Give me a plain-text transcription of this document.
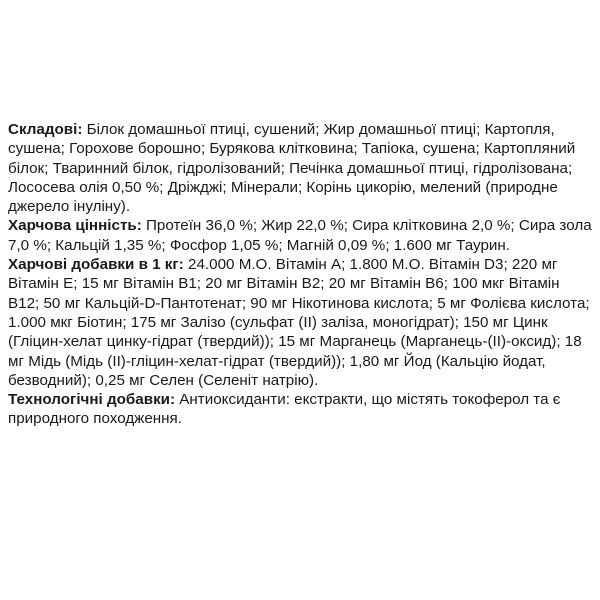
Складові: Білок домашньої птиці, сушений; Жир домашньої птиці; Картопля, сушена; Горохове борошно; Бурякова клітковина; Тапіока, сушена; Картопляний білок; Тваринний білок, гідролізований; Печінка домашньої птиці, гідролізована; Лососева олія 0,50 %; Дріжджі; Мінерали; Корінь цикорію, мелений (природне джерело інуліну).

Харчова цінність: Протеїн 36,0 %; Жир 22,0 %; Сира клітковина 2,0 %; Сира зола 7,0 %; Кальцій 1,35 %; Фосфор 1,05 %; Магній 0,09 %; 1.600 мг Таурин.

Харчові добавки в 1 кг: 24.000 М.О. Вітамін A; 1.800 М.О. Вітамін D3; 220 мг Вітамін E; 15 мг Вітамін B1; 20 мг Вітамін B2; 20 мг Вітамін B6; 100 мкг Вітамін B12; 50 мг Кальцій-D-Пантотенат; 90 мг Нікотинова кислота; 5 мг Фолієва кислота; 1.000 мкг Біотин; 175 мг Залізо (сульфат (II) заліза, моногідрат); 150 мг Цинк (Гліцин-хелат цинку-гідрат (твердий)); 15 мг Марганець (Марганець-(II)-оксид); 18 мг Мідь (Мідь (II)-гліцин-хелат-гідрат (твердий)); 1,80 мг Йод (Кальцію йодат, безводний); 0,25 мг Селен (Селеніт натрію).

Технологічні добавки: Антиоксиданти: екстракти, що містять токоферол та є природного походження.
